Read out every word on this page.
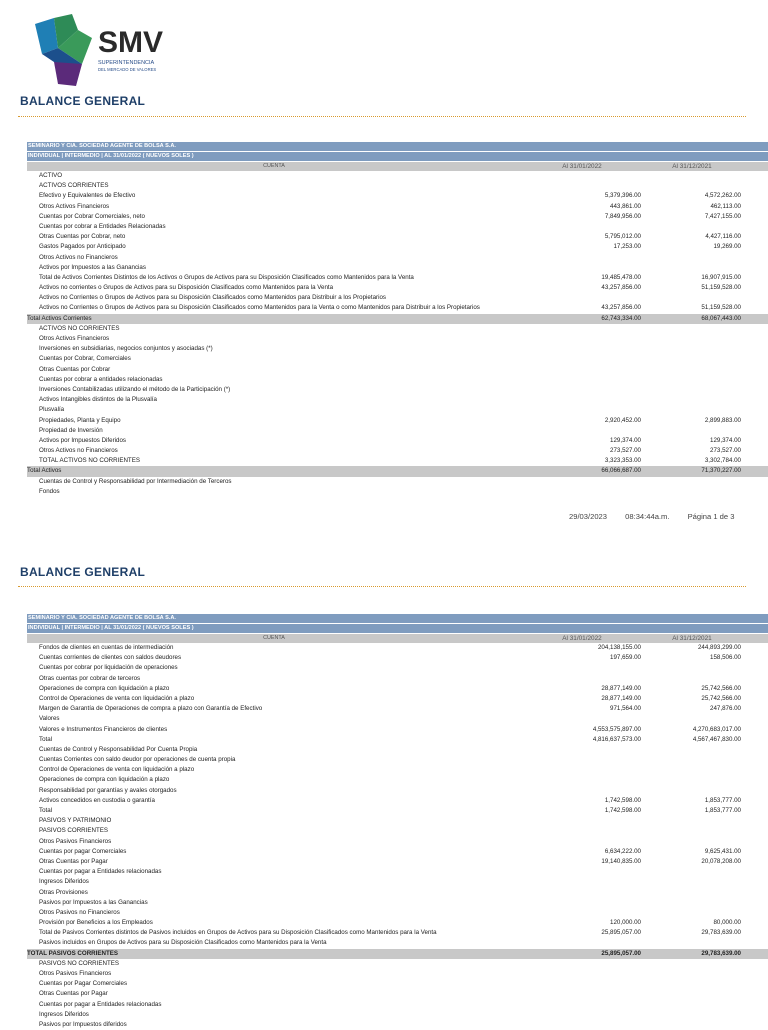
SMV
SUPERINTENDENCIA
DEL MERCADO DE VALORES
BALANCE GENERAL
SEMINARIO Y CIA. SOCIEDAD AGENTE DE BOLSA S.A.
INDIVIDUAL | INTERMEDIO | AL 31/01/2022 ( NUEVOS SOLES )
CUENTA	Al 31/01/2022	Al 31/12/2021
ACTIVO
ACTIVOS CORRIENTES
Efectivo y Equivalentes de Efectivo	5,379,396.00	4,572,262.00
Otros Activos Financieros	443,861.00	462,113.00
Cuentas por Cobrar Comerciales, neto	7,849,956.00	7,427,155.00
Cuentas por cobrar a Entidades Relacionadas
Otras Cuentas por Cobrar, neto	5,795,012.00	4,427,116.00
Gastos Pagados por Anticipado	17,253.00	19,269.00
Otros Activos no Financieros
Activos por Impuestos a las Ganancias
Total de Activos Corrientes Distintos de los Activos o Grupos de Activos para su Disposición Clasificados como Mantenidos para la Venta	19,485,478.00	16,907,915.00
Activos no corrientes o Grupos de Activos para su Disposición Clasificados como Mantenidos para la Venta	43,257,856.00	51,159,528.00
Activos no Corrientes o Grupos de Activos para su Disposición Clasificados como Mantenidos para Distribuir a los Propietarios
Activos no Corrientes o Grupos de Activos para su Disposición Clasificados como Mantenidos para la Venta o como Mantenidos para Distribuir a los Propietarios	43,257,856.00	51,159,528.00
Total Activos Corrientes	62,743,334.00	68,067,443.00
ACTIVOS NO CORRIENTES
Otros Activos Financieros
Inversiones en subsidiarias, negocios conjuntos y asociadas (*)
Cuentas por Cobrar, Comerciales
Otras Cuentas por Cobrar
Cuentas por cobrar a entidades relacionadas
Inversiones Contabilizadas utilizando el método de la Participación (*)
Activos Intangibles distintos de la Plusvalía
Plusvalía
Propiedades, Planta y Equipo	2,920,452.00	2,899,883.00
Propiedad de Inversión
Activos por Impuestos Diferidos	129,374.00	129,374.00
Otros Activos no Financieros	273,527.00	273,527.00
TOTAL ACTIVOS NO CORRIENTES	3,323,353.00	3,302,784.00
Total Activos	66,066,687.00	71,370,227.00
Cuentas de Control y Responsabilidad por Intermediación de Terceros
Fondos
29/03/2023 08:34:44a.m. Página 1 de 3
BALANCE GENERAL
SEMINARIO Y CIA. SOCIEDAD AGENTE DE BOLSA S.A.
INDIVIDUAL | INTERMEDIO | AL 31/01/2022 ( NUEVOS SOLES )
CUENTA	Al 31/01/2022	Al 31/12/2021
Fondos de clientes en cuentas de intermediación	204,138,155.00	244,893,299.00
Cuentas corrientes de clientes con saldos deudores	197,659.00	158,506.00
Cuentas por cobrar por liquidación de operaciones
Otras cuentas por cobrar de terceros
Operaciones de compra con liquidación a plazo	28,877,149.00	25,742,566.00
Control de Operaciones de venta con liquidación a plazo	28,877,149.00	25,742,566.00
Margen de Garantía de Operaciones de compra a plazo con Garantía de Efectivo	971,564.00	247,876.00
Valores
Valores e Instrumentos Financieros de clientes	4,553,575,897.00	4,270,683,017.00
Total	4,816,637,573.00	4,567,467,830.00
Cuentas de Control y Responsabilidad Por Cuenta Propia
Cuentas Corrientes con saldo deudor por operaciones de cuenta propia
Control de Operaciones de venta con liquidación a plazo
Operaciones de compra con liquidación a plazo
Responsabilidad por garantías y avales otorgados
Activos concedidos en custodia o garantía	1,742,598.00	1,853,777.00
Total	1,742,598.00	1,853,777.00
PASIVOS Y PATRIMONIO
PASIVOS CORRIENTES
Otros Pasivos Financieros
Cuentas por pagar Comerciales	6,634,222.00	9,625,431.00
Otras Cuentas por Pagar	19,140,835.00	20,078,208.00
Cuentas por pagar a Entidades relacionadas
Ingresos Diferidos
Otras Provisiones
Pasivos por Impuestos a las Ganancias
Otros Pasivos no Financieros
Provisión por Beneficios a los Empleados	120,000.00	80,000.00
Total de Pasivos Corrientes distintos de Pasivos incluidos en Grupos de Activos para su Disposición Clasificados como Mantenidos para la Venta	25,895,057.00	29,783,639.00
Pasivos incluidos en Grupos de Activos para su Disposición Clasificados como Mantenidos para la Venta
TOTAL PASIVOS CORRIENTES	25,895,057.00	29,783,639.00
PASIVOS NO CORRIENTES
Otros Pasivos Financieros
Cuentas por Pagar Comerciales
Otras Cuentas por Pagar
Cuentas por pagar a Entidades relacionadas
Ingresos Diferidos
Pasivos por Impuestos diferidos
